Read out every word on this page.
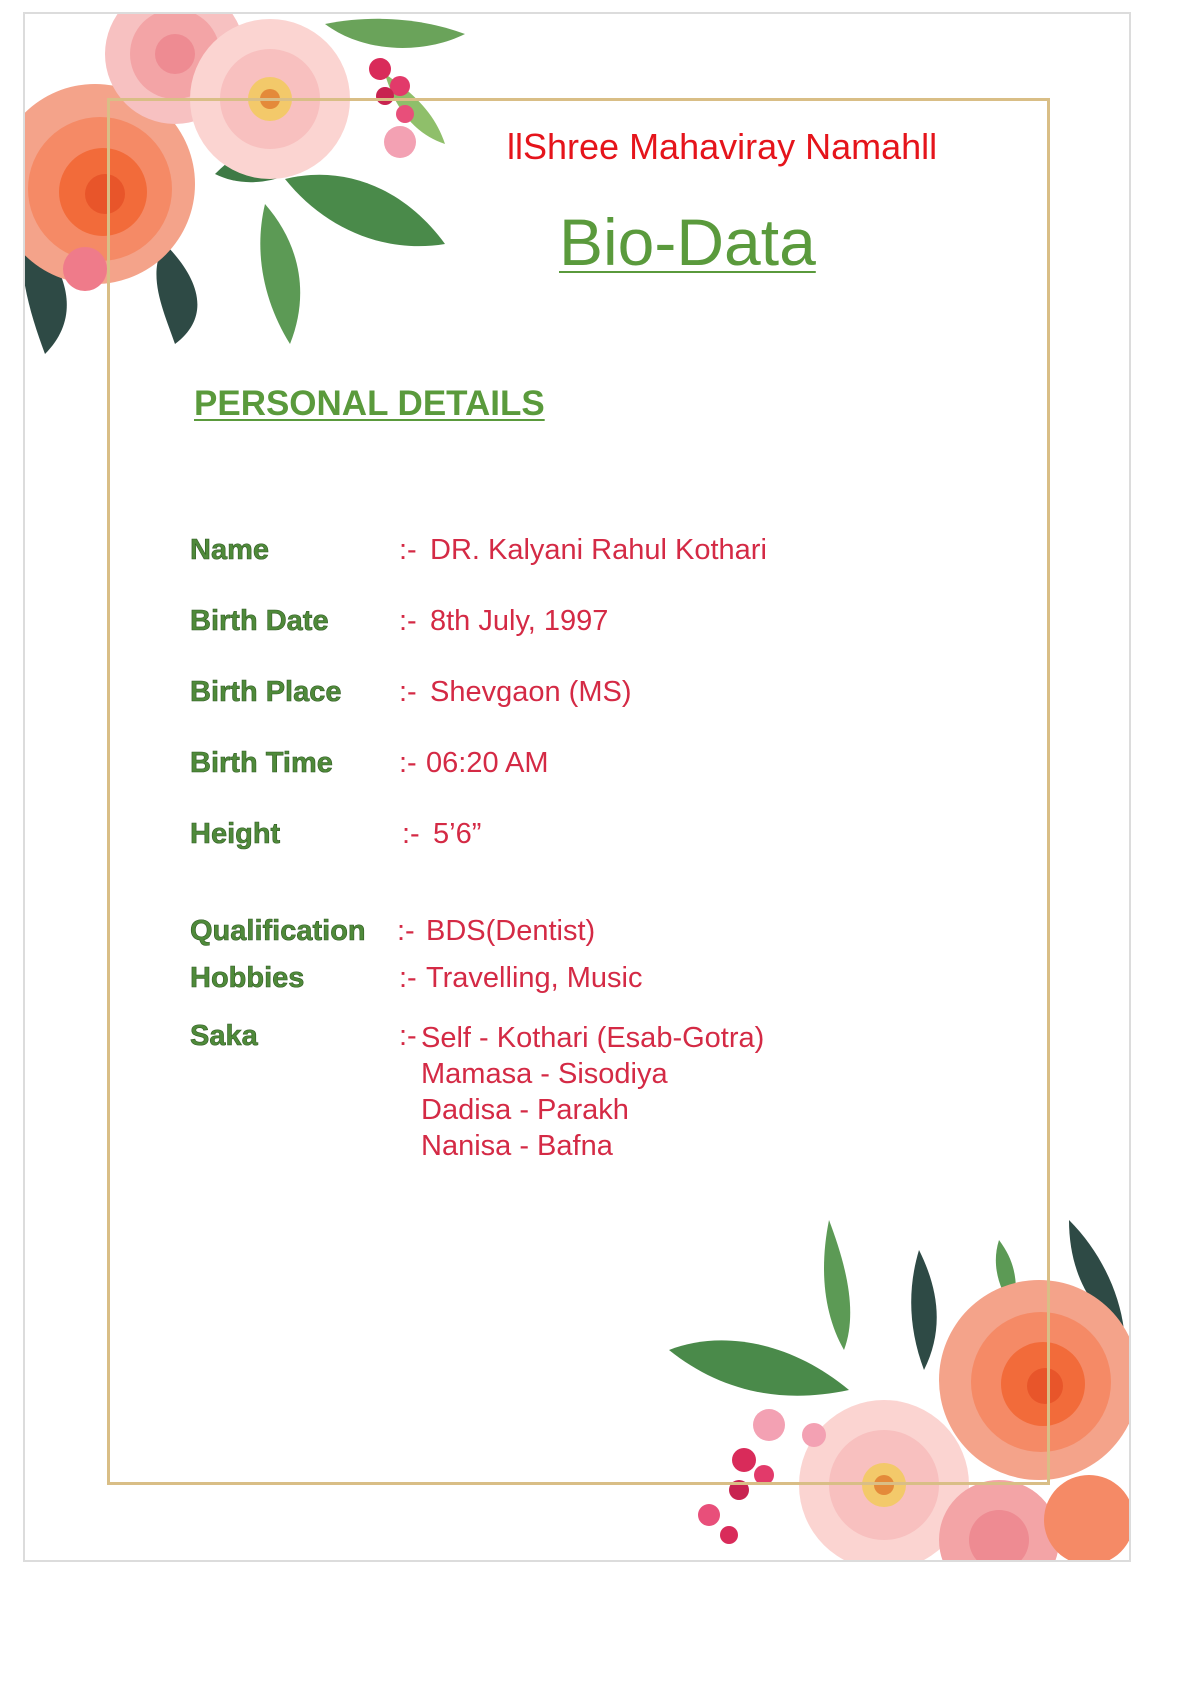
llShree Mahaviray Namahll
Bio-Data
PERSONAL DETAILS
Name	:- DR. Kalyani Rahul Kothari
Birth Date :- 8th July, 1997
Birth Place :- Shevgaon (MS)
Birth Time :- 06:20 AM
Height	:- 5’6”
Qualification :- BDS(Dentist)
Hobbies	:- Travelling, Music
Saka	:- Self - Kothari (Esab-Gotra)
Mamasa - Sisodiya
Dadisa - Parakh
Nanisa - Bafna
